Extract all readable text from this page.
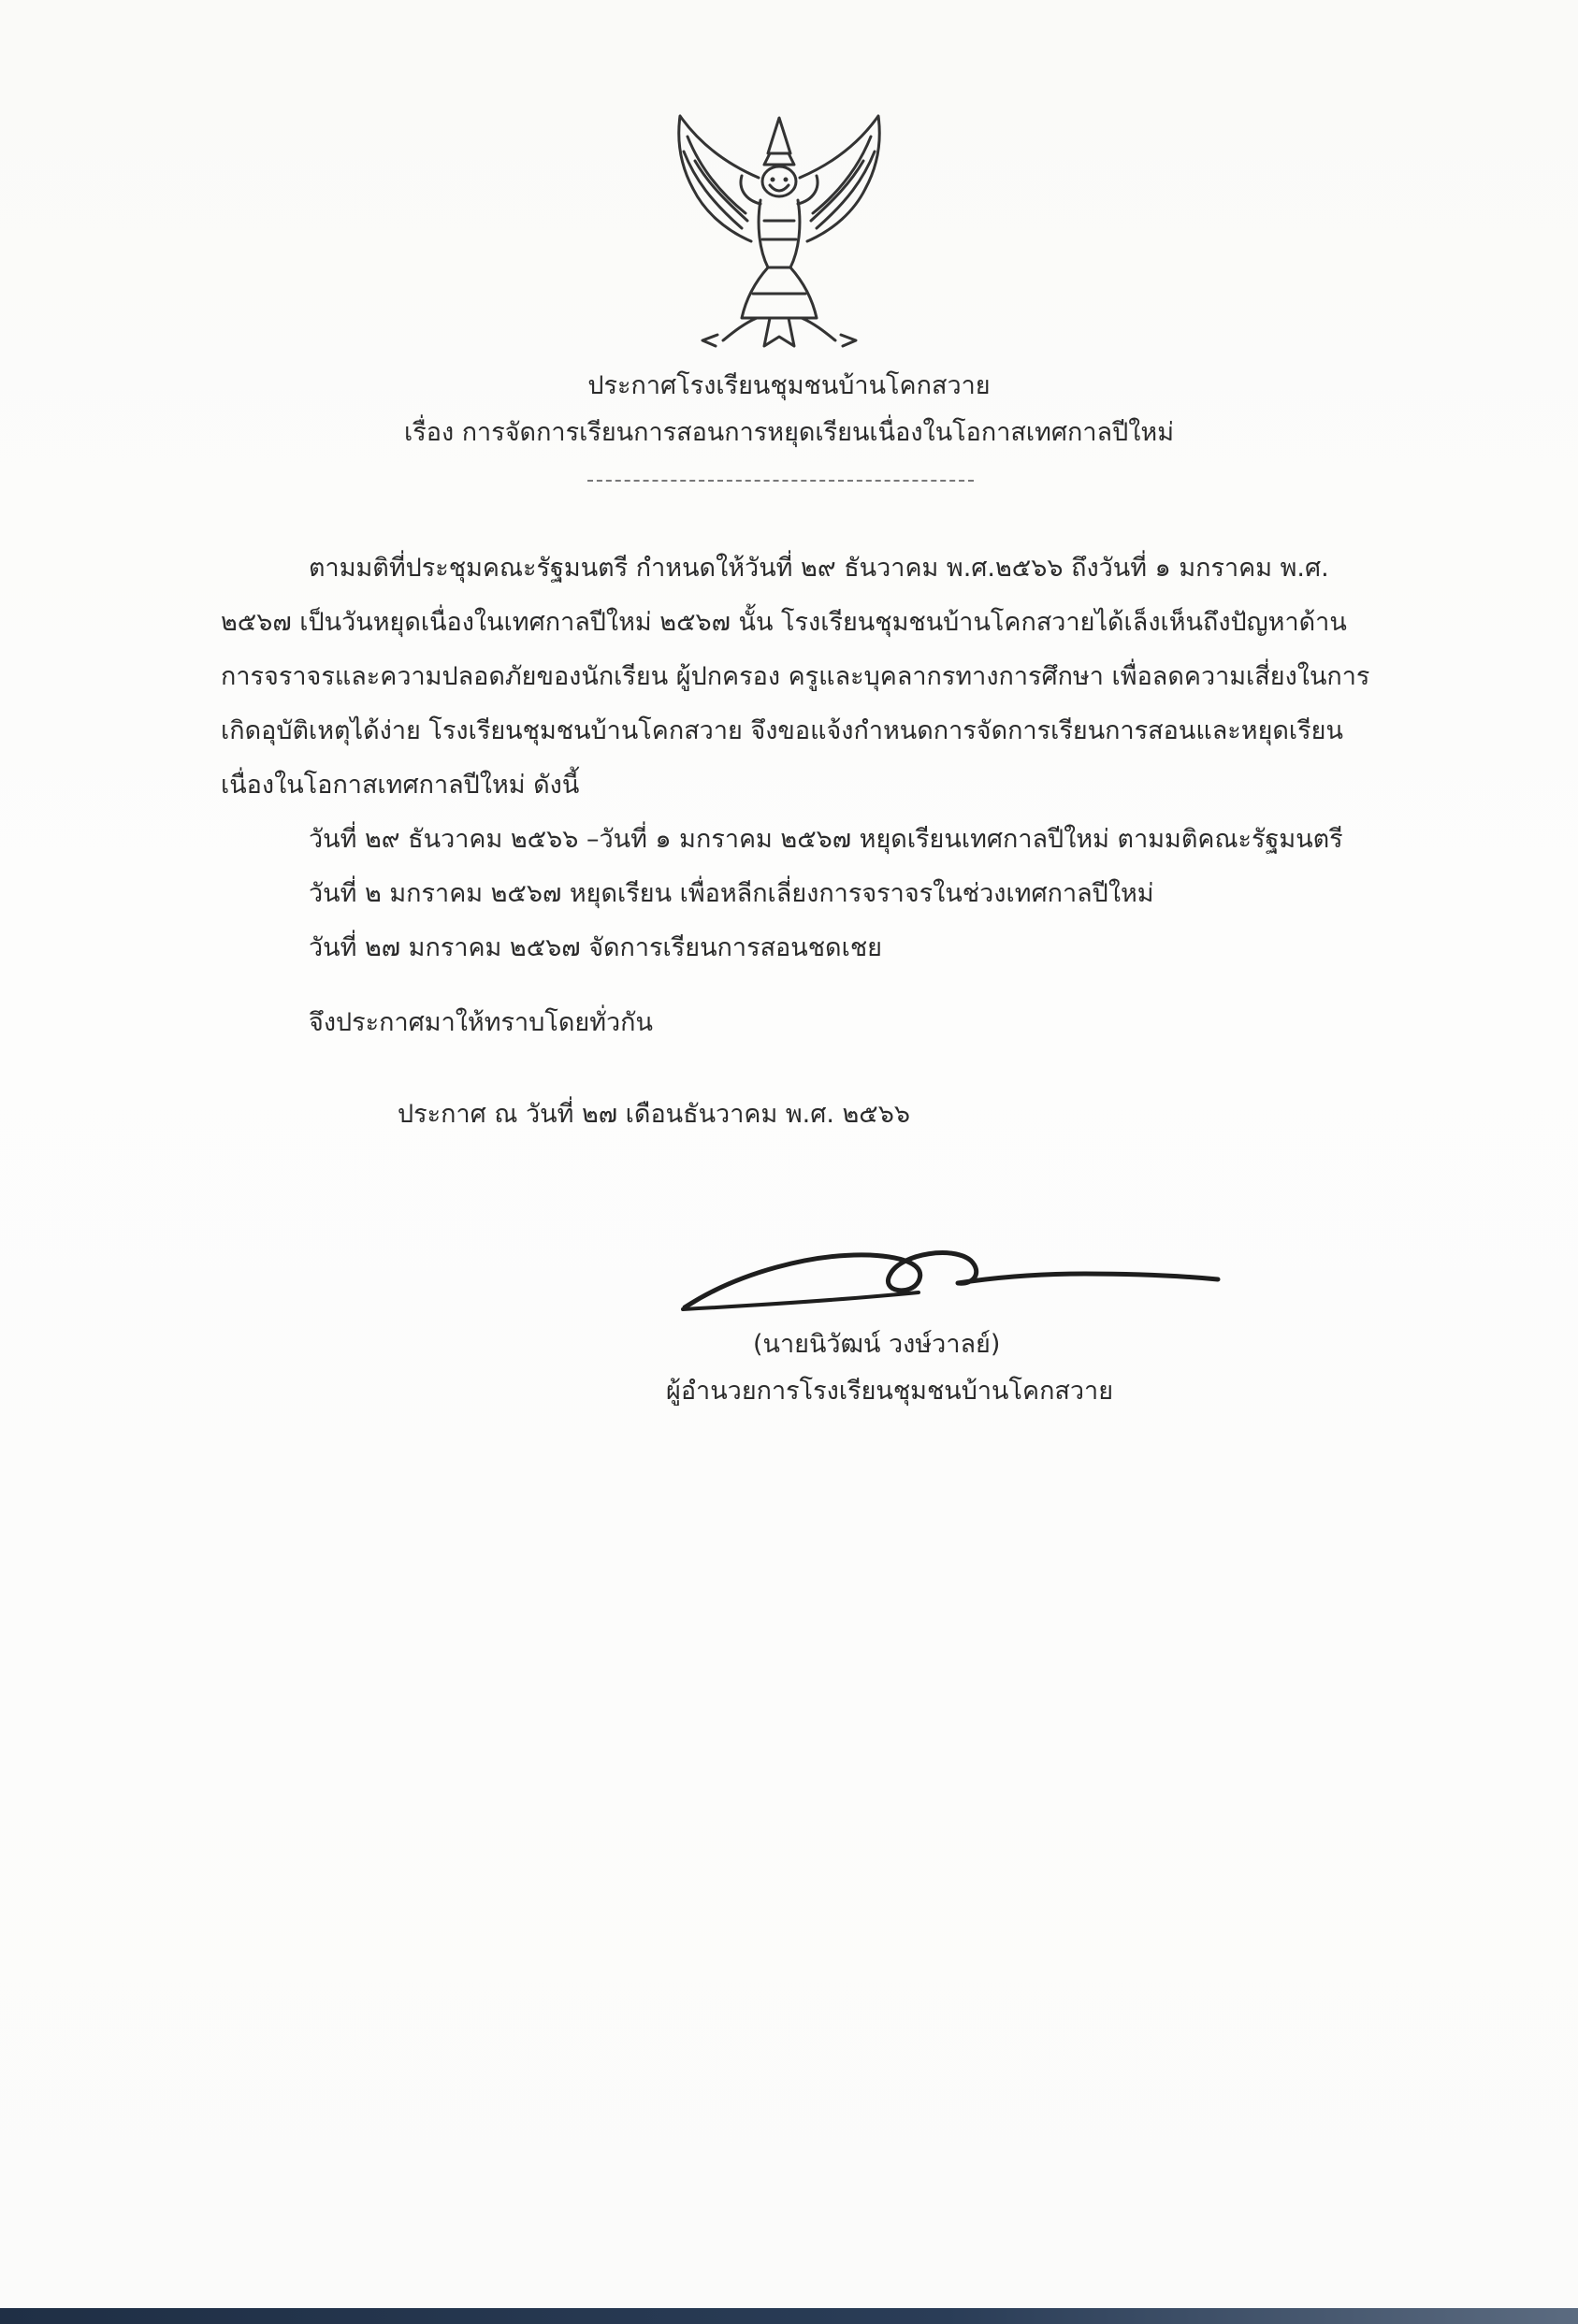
ประกาศโรงเรียนชุมชนบ้านโคกสวาย
เรื่อง การจัดการเรียนการสอนการหยุดเรียนเนื่องในโอกาสเทศกาลปีใหม่

ตามมติที่ประชุมคณะรัฐมนตรี กำหนดให้วันที่ ๒๙ ธันวาคม พ.ศ.๒๕๖๖ ถึงวันที่ ๑ มกราคม พ.ศ.

๒๕๖๗ เป็นวันหยุดเนื่องในเทศกาลปีใหม่ ๒๕๖๗ นั้น โรงเรียนชุมชนบ้านโคกสวายได้เล็งเห็นถึงปัญหาด้าน

การจราจรและความปลอดภัยของนักเรียน ผู้ปกครอง ครูและบุคลากรทางการศึกษา เพื่อลดความเสี่ยงในการ

เกิดอุบัติเหตุได้ง่าย โรงเรียนชุมชนบ้านโคกสวาย จึงขอแจ้งกำหนดการจัดการเรียนการสอนและหยุดเรียน

เนื่องในโอกาสเทศกาลปีใหม่ ดังนี้

วันที่ ๒๙ ธันวาคม ๒๕๖๖ –วันที่ ๑ มกราคม ๒๕๖๗ หยุดเรียนเทศกาลปีใหม่ ตามมติคณะรัฐมนตรี

วันที่ ๒ มกราคม ๒๕๖๗ หยุดเรียน เพื่อหลีกเลี่ยงการจราจรในช่วงเทศกาลปีใหม่

วันที่ ๒๗ มกราคม ๒๕๖๗ จัดการเรียนการสอนชดเชย

จึงประกาศมาให้ทราบโดยทั่วกัน

ประกาศ ณ วันที่ ๒๗ เดือนธันวาคม พ.ศ. ๒๕๖๖

(นายนิวัฒน์ วงษ์วาลย์)

ผู้อำนวยการโรงเรียนชุมชนบ้านโคกสวาย
